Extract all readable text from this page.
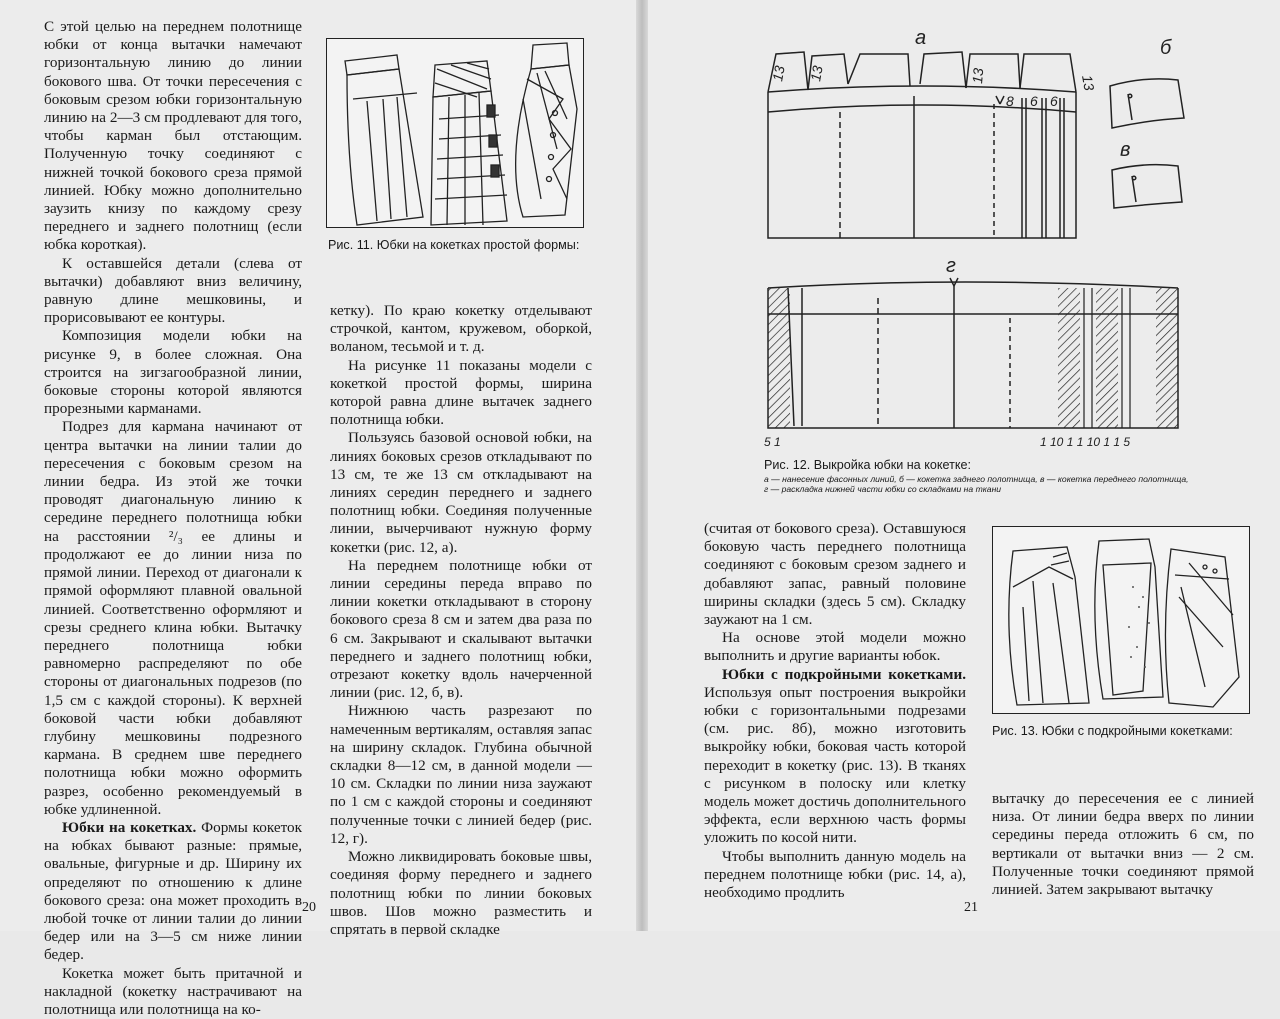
С этой целью на переднем полотнище юбки от конца вытачки намечают горизонтальную линию до линии бокового шва. От точки пересечения с боковым срезом юбки горизонтальную линию на 2—3 см продлевают для того, чтобы карман был отстающим. Полученную точку соединяют с нижней точкой бокового среза прямой линией. Юбку можно дополнительно заузить книзу по каждому срезу переднего и заднего полотнищ (если юбка короткая).

К оставшейся детали (слева от вытачки) добавляют вниз величину, равную длине мешковины, и прорисовывают ее контуры.

Композиция модели юбки на рисунке 9, в более сложная. Она строится на зигзагообразной линии, боковые стороны которой являются прорезными карманами.

Подрез для кармана начинают от центра вытачки на линии талии до пересечения с боковым срезом на линии бедра. Из этой же точки проводят диагональную линию к середине переднего полотнища юбки на расстоянии ²/₃ ее длины и продолжают ее до линии низа по прямой линии. Переход от диагонали к прямой оформляют плавной овальной линией. Соответственно оформляют и срезы среднего клина юбки. Вытачку переднего полотнища юбки равномерно распределяют по обе стороны от диагональных подрезов (по 1,5 см с каждой стороны). К верхней боковой части юбки добавляют глубину мешковины подрезного кармана. В среднем шве переднего полотнища юбки можно оформить разрез, особенно рекомендуемый в юбке удлиненной.

Юбки на кокетках. Формы кокеток на юбках бывают разные: прямые, овальные, фигурные и др. Ширину их определяют по отношению к длине бокового среза: она может проходить в любой точке от линии талии до линии бедер или на 3—5 см ниже линии бедер.

Кокетка может быть притачной и накладной (кокетку настрачивают на полотнища или полотнища на ко-

Рис. 11. Юбки на кокетках простой формы:

кетку). По краю кокетку отделывают строчкой, кантом, кружевом, оборкой, воланом, тесьмой и т. д.

На рисунке 11 показаны модели с кокеткой простой формы, ширина которой равна длине вытачек заднего полотнища юбки.

Пользуясь базовой основой юбки, на линиях боковых срезов откладывают по 13 см, те же 13 см откладывают на линиях середин переднего и заднего полотнищ юбки. Соединяя полученные линии, вычерчивают нужную форму кокетки (рис. 12, а).

На переднем полотнище юбки от линии середины переда вправо по линии кокетки откладывают в сторону бокового среза 8 см и затем два раза по 6 см. Закрывают и скалывают вытачки переднего и заднего полотнищ юбки, отрезают кокетку вдоль начерченной линии (рис. 12, б, в).

Нижнюю часть разрезают по намеченным вертикалям, оставляя запас на ширину складок. Глубина обычной складки 8—12 см, в данной модели — 10 см. Складки по линии низа заужают по 1 см с каждой стороны и соединяют полученные точки с линией бедер (рис. 12, г).

Можно ликвидировать боковые швы, соединяя форму переднего и заднего полотнищ юбки по линии боковых швов. Шов можно разместить и спрятать в первой складке

20
13 13	13	13
8 6 6
а	б
в
г
5 1	1 10 1 1 10 1 1 5
Рис. 12. Выкройка юбки на кокетке:
а — нанесение фасонных линий, б — кокетка заднего полотнища, в — кокетка переднего полотнища, г — раскладка нижней части юбки со складками на ткани

(считая от бокового среза). Оставшуюся боковую часть переднего полотнища соединяют с боковым срезом заднего и добавляют запас, равный половине ширины складки (здесь 5 см). Складку заужают на 1 см.

На основе этой модели можно выполнить и другие варианты юбок.

Юбки с подкройными кокетками. Используя опыт построения выкройки юбки с горизонтальными подрезами (см. рис. 8б), можно изготовить выкройку юбки, боковая часть которой переходит в кокетку (рис. 13). В тканях с рисунком в полоску или клетку модель может достичь дополнительного эффекта, если верхнюю часть формы уложить по косой нити.

Чтобы выполнить данную модель на переднем полотнище юбки (рис. 14, а), необходимо продлить

Рис. 13. Юбки с подкройными кокетками:

вытачку до пересечения ее с линией низа. От линии бедра вверх по линии середины переда отложить 6 см, по вертикали от вытачки вниз — 2 см. Полученные точки соединяют прямой линией. Затем закрывают вытачку

21
